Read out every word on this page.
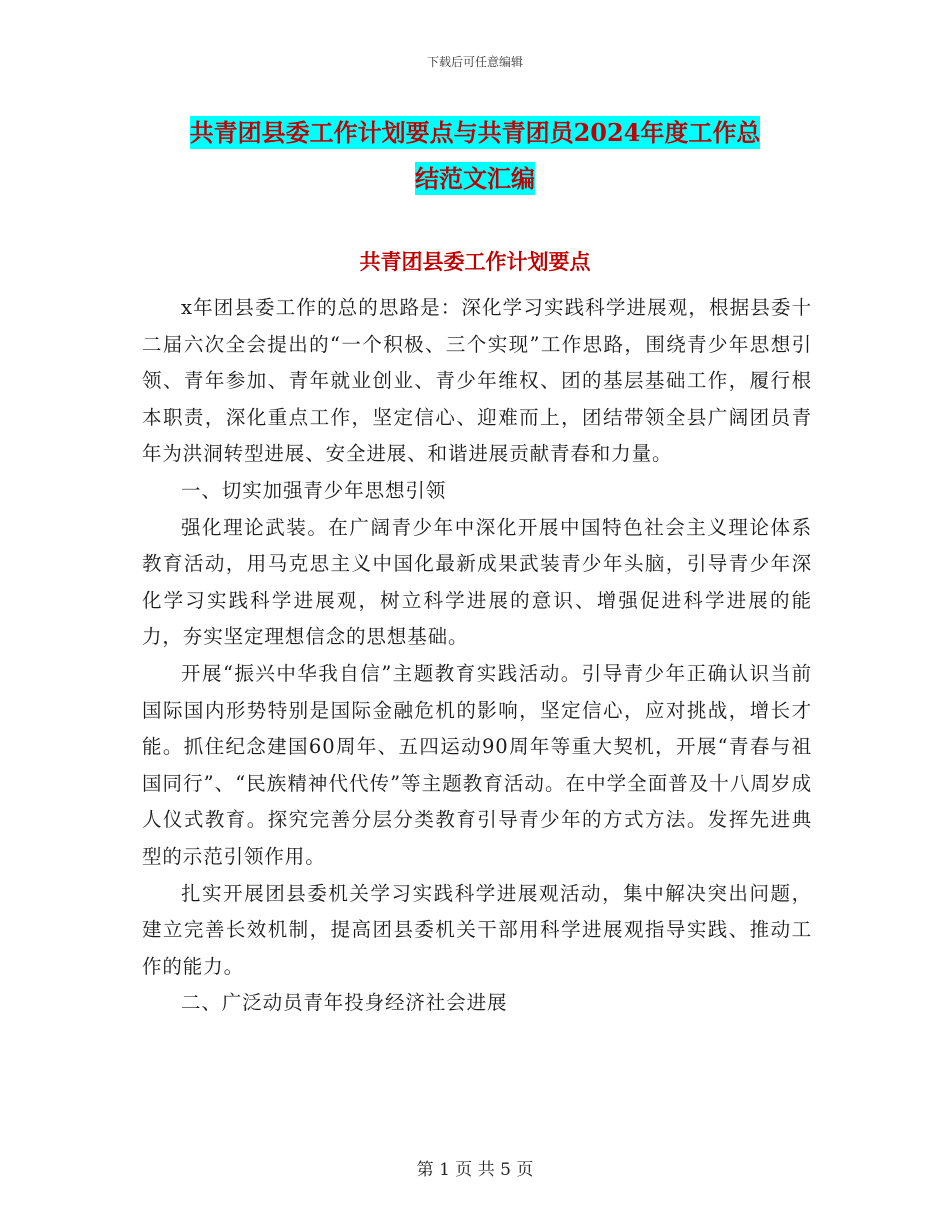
下载后可任意编辑
共青团县委工作计划要点与共青团员2024年度工作总
结范文汇编
共青团县委工作计划要点

x年团县委工作的总的思路是：深化学习实践科学进展观，根据县委十二届六次全会提出的“一个积极、三个实现”工作思路，围绕青少年思想引领、青年参加、青年就业创业、青少年维权、团的基层基础工作，履行根本职责，深化重点工作，坚定信心、迎难而上，团结带领全县广阔团员青年为洪洞转型进展、安全进展、和谐进展贡献青春和力量。

一、切实加强青少年思想引领

强化理论武装。在广阔青少年中深化开展中国特色社会主义理论体系教育活动，用马克思主义中国化最新成果武装青少年头脑，引导青少年深化学习实践科学进展观，树立科学进展的意识、增强促进科学进展的能力，夯实坚定理想信念的思想基础。

开展“振兴中华我自信”主题教育实践活动。引导青少年正确认识当前国际国内形势特别是国际金融危机的影响，坚定信心，应对挑战，增长才能。抓住纪念建国60周年、五四运动90周年等重大契机，开展“青春与祖国同行”、“民族精神代代传”等主题教育活动。在中学全面普及十八周岁成人仪式教育。探究完善分层分类教育引导青少年的方式方法。发挥先进典型的示范引领作用。

扎实开展团县委机关学习实践科学进展观活动，集中解决突出问题，建立完善长效机制，提高团县委机关干部用科学进展观指导实践、推动工作的能力。

二、广泛动员青年投身经济社会进展

第 1 页 共 5 页
